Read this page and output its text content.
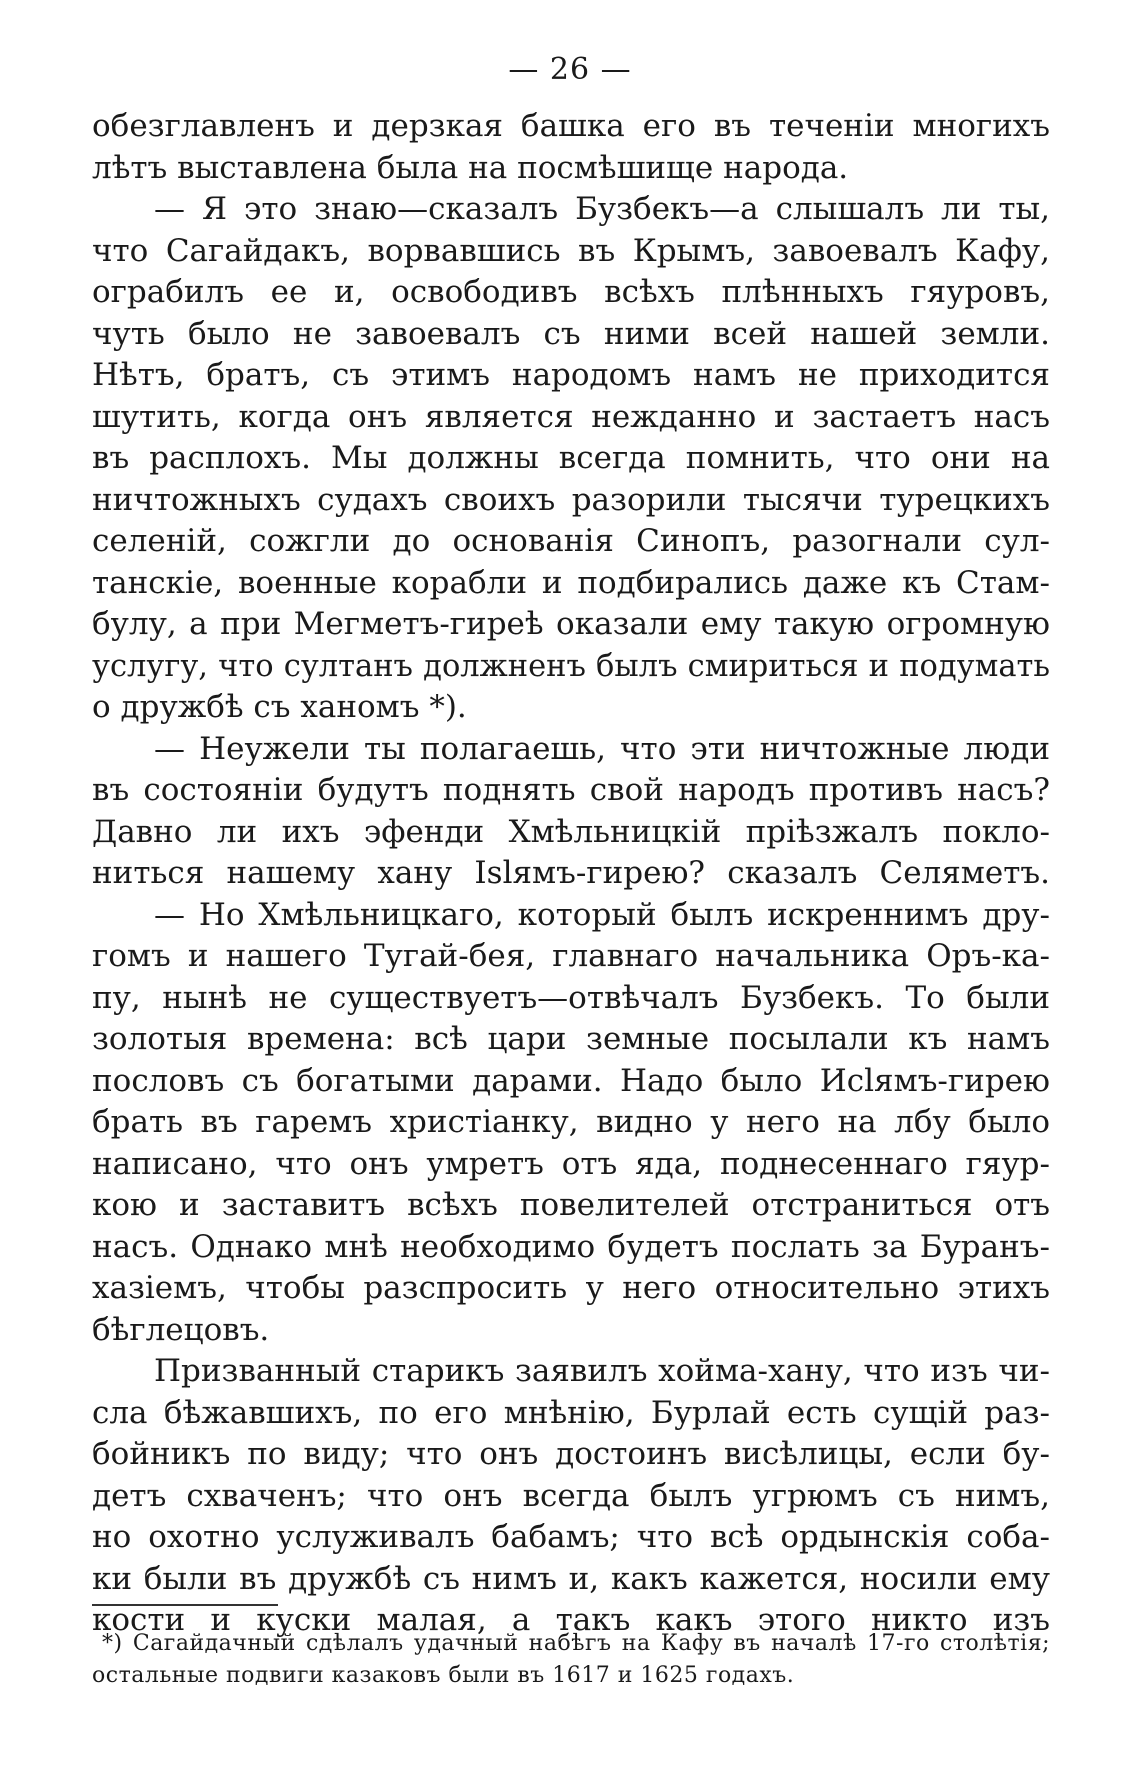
— 26 —
обезглавленъ и дерзкая башка его въ теченіи многихъ
лѣтъ выставлена была на посмѣшище народа.
— Я это знаю—сказалъ Бузбекъ—а слышалъ ли ты,
что Сагайдакъ, ворвавшись въ Крымъ, завоевалъ Кафу,
ограбилъ ее и, освободивъ всѣхъ плѣнныхъ гяуровъ,
чуть было не завоевалъ съ ними всей нашей земли.
Нѣтъ, братъ, съ этимъ народомъ намъ не приходится
шутить, когда онъ является нежданно и застаетъ насъ
въ расплохъ. Мы должны всегда помнить, что они на
ничтожныхъ судахъ своихъ разорили тысячи турецкихъ
селеній, сожгли до основанія Синопъ, разогнали сул-
танскіе, военные корабли и подбирались даже къ Стам-
булу, а при Мегметъ-гиреѣ оказали ему такую огромную
услугу, что султанъ должненъ былъ смириться и подумать
о дружбѣ съ ханомъ *).
— Неужели ты полагаешь, что эти ничтожные люди
въ состояніи будутъ поднять свой народъ противъ насъ?
Давно ли ихъ эфенди Хмѣльницкій пріѣзжалъ поклo-
ниться нашему хану Islямъ-гирею? сказалъ Селяметъ.
— Но Хмѣльницкаго, который былъ искреннимъ дру-
гомъ и нашего Тугай-бея, главнаго начальника Оръ-ка-
пу, нынѣ не существуетъ—отвѣчалъ Бузбекъ. То были
золотыя времена: всѣ цари земные посылали къ намъ
пословъ съ богатыми дарами. Надо было Исlямъ-гирею
брать въ гаремъ христіанку, видно у него на лбу было
написано, что онъ умретъ отъ яда, поднесеннаго гяур-
кою и заставитъ всѣхъ повелителей отстраниться отъ
насъ. Однако мнѣ необходимо будетъ послать за Буранъ-
хазіемъ, чтобы разспросить у него относительно этихъ
бѣглецовъ.
Призванный старикъ заявилъ хойма-хану, что изъ чи-
сла бѣжавшихъ, по его мнѣнію, Бурлай есть сущій раз-
бойникъ по виду; что онъ достоинъ висѣлицы, если бу-
детъ схваченъ; что онъ всегда былъ угрюмъ съ нимъ,
но охотно услуживалъ бабамъ; что всѣ ордынскія соба-
ки были въ дружбѣ съ нимъ и, какъ кажется, носили ему
кости и куски малая, а такъ какъ этого никто изъ
*) Сагайдачный сдѣлалъ удачный набѣгъ на Кафу въ началѣ 17-го столѣтія;
остальные подвиги казаковъ были въ 1617 и 1625 годахъ.
